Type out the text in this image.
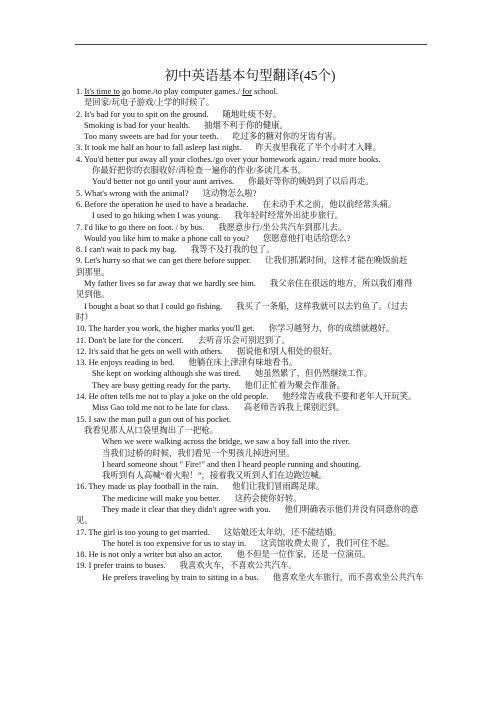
初中英语基本句型翻译(45个)
1. It's time to go home./to play computer games./ for school.
是回家/玩电子游戏/上学的时候了。
2. It's bad for you to spit on the ground. 随地吐痰不好。
Smoking is bad for your health. 抽烟不利于你的健康。
Too many sweets are bad for your teeth. 吃过多的糖对你的牙齿有害。
3. It took me half an hour to fall asleep last night. 昨天夜里我花了半个小时才入睡。
4. You'd better put away all your clothes./go over your homework again./ read more books.
你最好把你的衣服收好/再检查一遍你的作业/多读几本书。
You'd better not go until your aunt arrives. 你最好等你的姨妈到了以后再走。
5. What's wrong with the animal? 这动物怎么啦?
6. Before the operation he used to have a headache. 在未动手术之前，他以前经常头痛。
I used to go hiking when I was young. 我年轻时经常外出徒步旅行。
7. I'd like to go there on foot. / by bus. 我愿意步行/坐公共汽车到那儿去。
Would you like him to make a phone call to you? 您愿意他打电话给您么?
8. I can't wait to pack my bag. 我等不及打我的包了。
9. Let's hurry so that we can get there before supper. 让我们抓紧时间，这样才能在晚饭前赶
到那里。
My father lives so far away that we hardly see him. 我父亲住在很远的地方，所以我们难得
见到他。
I bought a boat so that I could go fishing. 我买了一条船，这样我就可以去钓鱼了。（过去
时）
10. The harder you work, the higher marks you'll get. 你学习越努力，你的成绩就越好。
11. Don't be late for the concert. 去听音乐会可别迟到了。
12. It's said that he gets on well with others. 据说他和别人相处的很好。
13. He enjoys reading in bed. 他躺在床上津津有味地看书。
She kept on working although she was tired. 她虽然累了，但仍然继续工作。
They are busy getting ready for the party. 他们正忙着为聚会作准备。
14. He often tells me not to play a joke on the old people. 他经常告戒我不要和老年人开玩笑。
Miss Gao told me not to be late for class. 高老师告诉我上课别迟到。
15. I saw the man pull a gun out of his pocket.
我看见那人从口袋里掏出了一把枪。
When we were walking across the bridge, we saw a boy fall into the river.
当我们过桥的时候，我们看见一个男孩儿掉进河里。
I heard someone shout " Fire!" and then I heard people running and shouting.
我听到有人高喊“着火啦！”，接着我又听到人们在边跑边喊。
16. They made us play football in the rain. 他们让我们冒雨踢足球。
The medicine will make you better. 这药会使你好转。
They made it clear that they didn't agree with you. 他们明确表示他们并没有同意你的意
见。
17. The girl is too young to get married. 这姑娘还太年幼，还不能结婚。
The hotel is too expensive for us to stay in. 这宾馆收费太贵了，我们可住不起。
18. He is not only a writer but also an actor. 他不但是一位作家，还是一位演员。
19. I prefer trains to buses. 我喜欢火车，不喜欢公共汽车。
He prefers traveling by train to sitting in a bus. 他喜欢坐火车旅行，而不喜欢坐公共汽车
